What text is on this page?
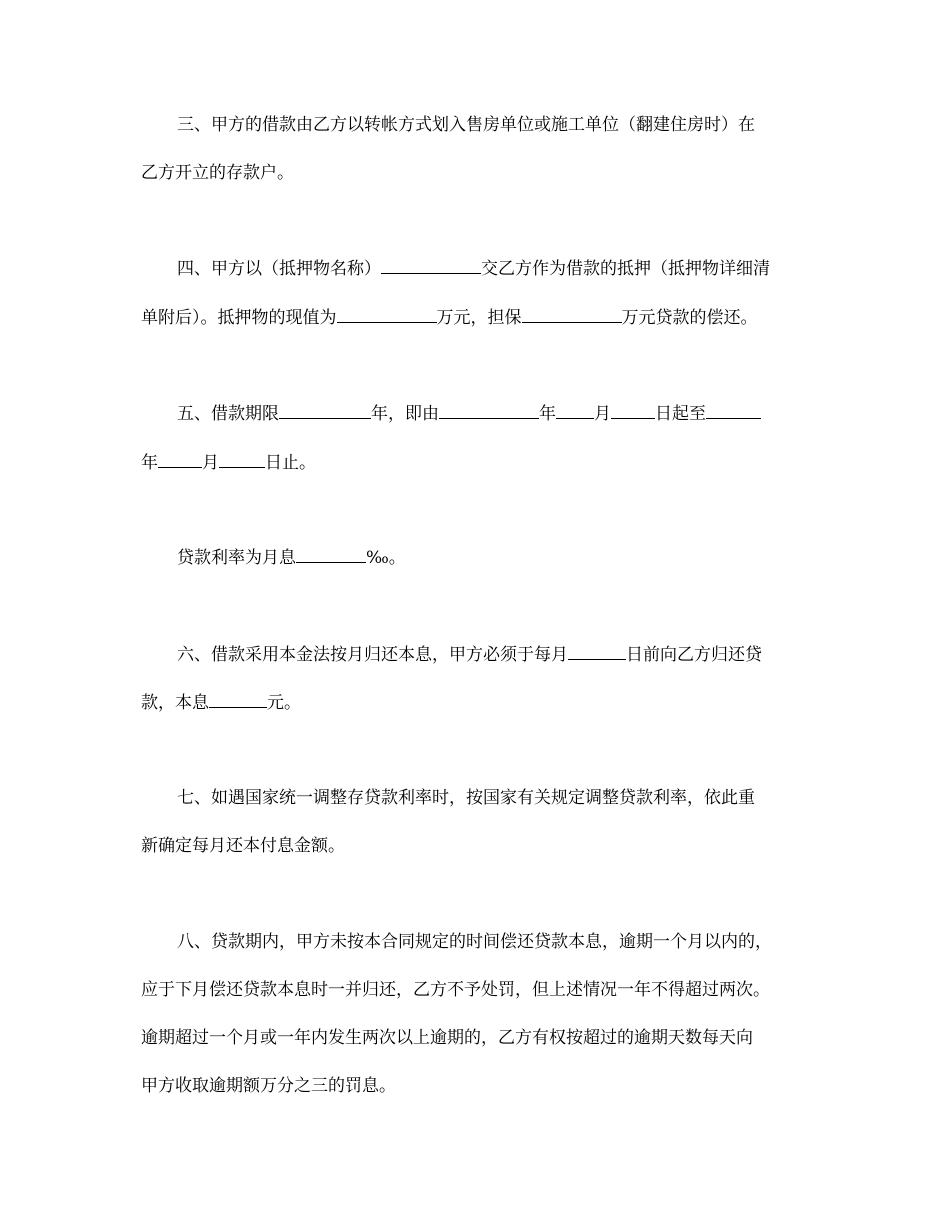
三、甲方的借款由乙方以转帐方式划入售房单位或施工单位（翻建住房时）在
乙方开立的存款户。
四、甲方以（抵押物名称）	交乙方作为借款的抵押（抵押物详细清
单附后）。抵押物的现值为	万元，担保	万元贷款的偿还。
五、借款期限	年，即由	年 月	日起至
年	月	日止。
贷款利率为月息	‰。
六、借款采用本金法按月归还本息，甲方必须于每月	日前向乙方归还贷
款，本息	元。
七、如遇国家统一调整存贷款利率时，按国家有关规定调整贷款利率，依此重
新确定每月还本付息金额。
八、贷款期内，甲方未按本合同规定的时间偿还贷款本息，逾期一个月以内的，
应于下月偿还贷款本息时一并归还，乙方不予处罚，但上述情况一年不得超过两次。
逾期超过一个月或一年内发生两次以上逾期的，乙方有权按超过的逾期天数每天向
甲方收取逾期额万分之三的罚息。
